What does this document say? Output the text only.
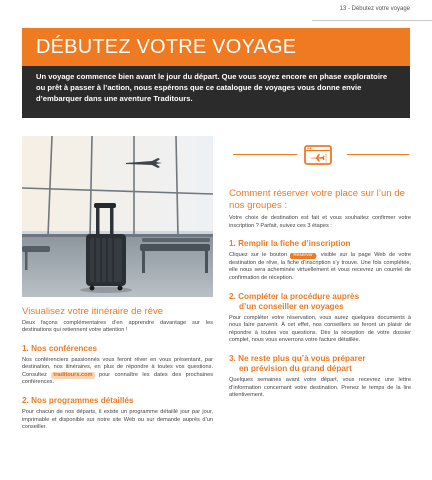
13 - Débutez votre voyage
DÉBUTEZ VOTRE VOYAGE

Un voyage commence bien avant le jour du départ. Que vous soyez encore en phase exploratoire ou prêt à passer à l’action, nous espérons que ce catalogue de voyages vous donne envie d’embarquer dans une aventure Traditours.

Visualisez votre itinéraire de rêve

Deux façons complémentaires d’en apprendre davantage sur les destinations qui retiennent votre attention !

1. Nos conférences

Nos conférenciers passionnés vous feront rêver en vous présentant, par destination, nos itinéraires, en plus de répondre à toutes vos questions. Consultez traditours.com pour connaître les dates des prochaines conférences.

2. Nos programmes détaillés

Pour chacun de nos départs, il existe un programme détaillé jour par jour, imprimable et disponible sur notre site Web ou sur demande auprès d’un conseiller.

Comment réserver votre place sur l’un de nos groupes :

Votre choix de destination est fait et vous souhaitez confirmer votre inscription ? Parfait, suivez ces 3 étapes :

1. Remplir la fiche d’inscription

Cliquez sur le bouton Réserver , visible sur la page Web de votre destination de rêve, la fiche d’inscription s’y trouve. Une fois complétée, elle nous sera acheminée virtuellement et vous recevrez un courriel de confirmation de réception.

2. Compléter la procédure auprès
d’un conseiller en voyages

Pour compléter votre réservation, vous aurez quelques documents à nous faire parvenir. À cet effet, nos conseillers se feront un plaisir de répondre à toutes vos questions. Dès la réception de votre dossier complet, nous vous enverrons votre facture détaillée.

3. Ne reste plus qu’à vous préparer
en prévision du grand départ

Quelques semaines avant votre départ, vous recevrez une lettre d’information concernant votre destination. Prenez le temps de la lire attentivement.
